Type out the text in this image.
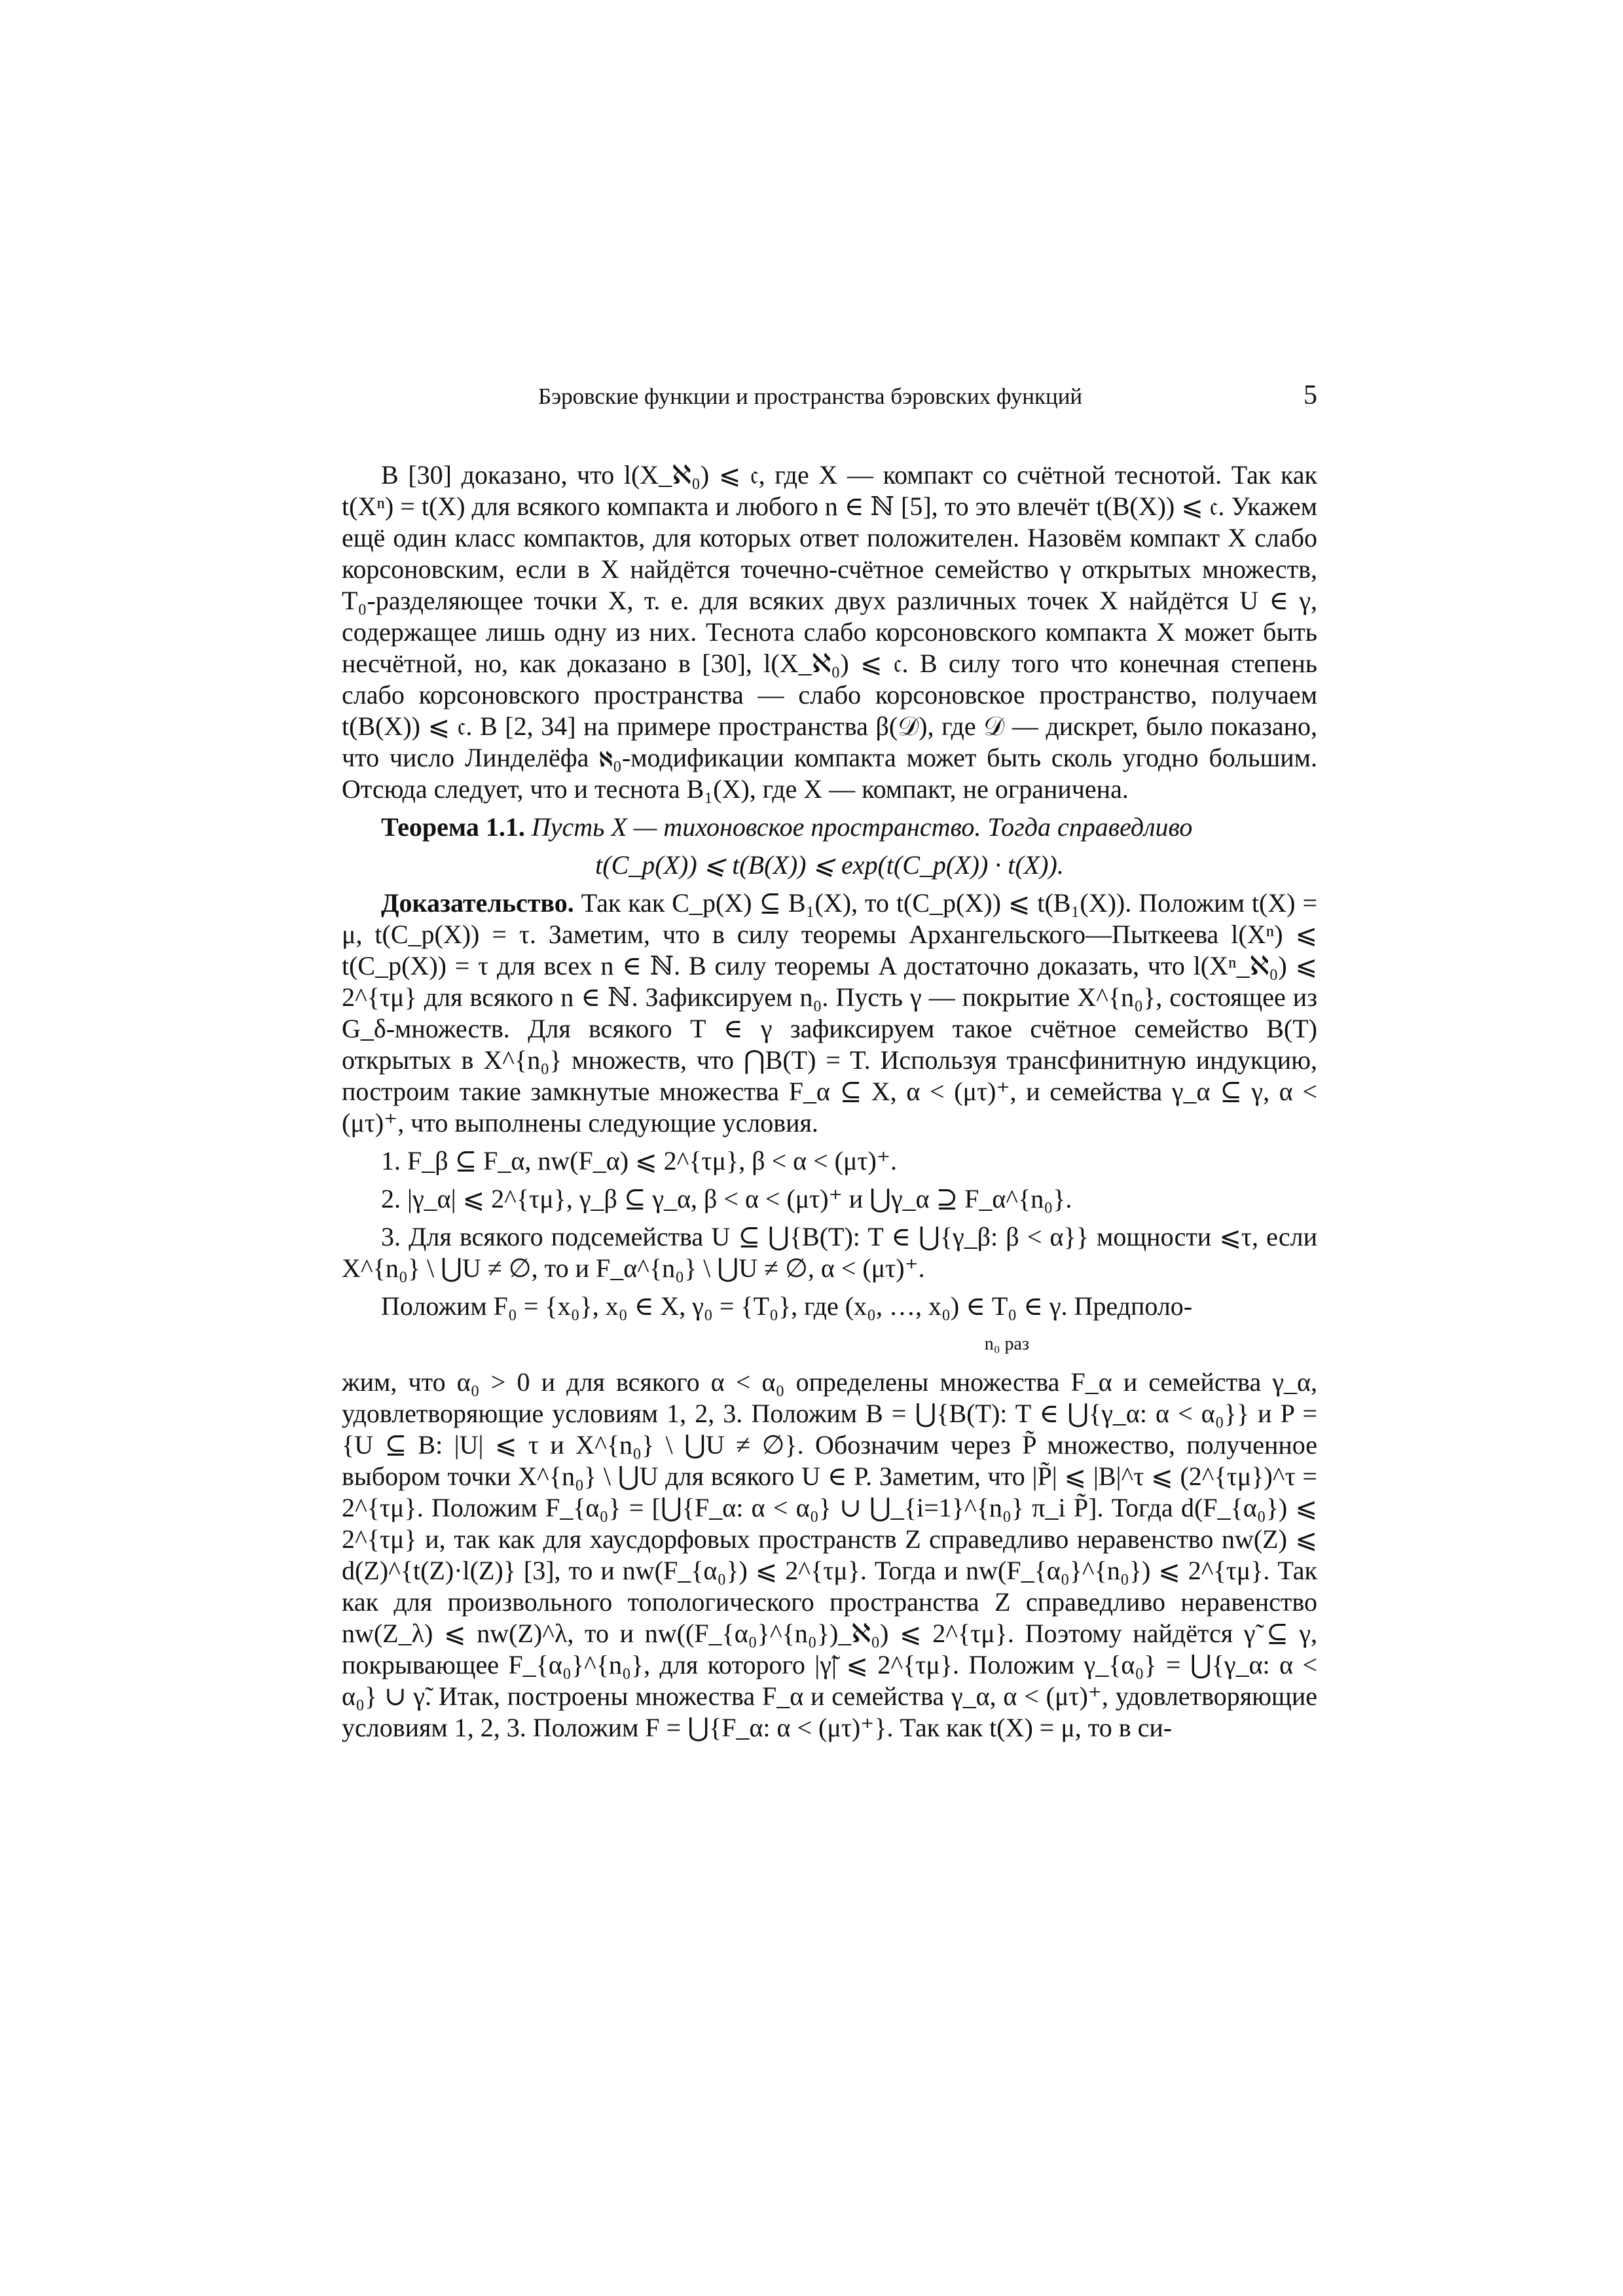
Бэровские функции и пространства бэровских функций	5

В [30] доказано, что l(X_ℵ₀) ⩽ 𝔠, где X — компакт со счётной теснотой. Так как t(Xⁿ) = t(X) для всякого компакта и любого n ∈ ℕ [5], то это влечёт t(B(X)) ⩽ 𝔠. Укажем ещё один класс компактов, для которых ответ положителен. Назовём компакт X слабо корсоновским, если в X найдётся точечно-счётное семейство γ открытых множеств, T₀-разделяющее точки X, т. е. для всяких двух различных точек X найдётся U ∈ γ, содержащее лишь одну из них. Теснота слабо корсоновского компакта X может быть несчётной, но, как доказано в [30], l(X_ℵ₀) ⩽ 𝔠. В силу того что конечная степень слабо корсоновского пространства — слабо корсоновское пространство, получаем t(B(X)) ⩽ 𝔠. В [2, 34] на примере пространства β(𝒟), где 𝒟 — дискрет, было показано, что число Линделёфа ℵ₀-модификации компакта может быть сколь угодно большим. Отсюда следует, что и теснота B₁(X), где X — компакт, не ограничена.

Теорема 1.1. Пусть X — тихоновское пространство. Тогда справедливо

t(C_p(X)) ⩽ t(B(X)) ⩽ exp(t(C_p(X)) · t(X)).

Доказательство. Так как C_p(X) ⊆ B₁(X), то t(C_p(X)) ⩽ t(B₁(X)). Положим t(X) = μ, t(C_p(X)) = τ. Заметим, что в силу теоремы Архангельского—Пыткеева l(Xⁿ) ⩽ t(C_p(X)) = τ для всех n ∈ ℕ. В силу теоремы A достаточно доказать, что l(Xⁿ_ℵ₀) ⩽ 2^{τμ} для всякого n ∈ ℕ. Зафиксируем n₀. Пусть γ — покрытие X^{n₀}, состоящее из G_δ-множеств. Для всякого T ∈ γ зафиксируем такое счётное семейство B(T) открытых в X^{n₀} множеств, что ⋂B(T) = T. Используя трансфинитную индукцию, построим такие замкнутые множества F_α ⊆ X, α < (μτ)⁺, и семейства γ_α ⊆ γ, α < (μτ)⁺, что выполнены следующие условия.

1. F_β ⊆ F_α, nw(F_α) ⩽ 2^{τμ}, β < α < (μτ)⁺.

2. |γ_α| ⩽ 2^{τμ}, γ_β ⊆ γ_α, β < α < (μτ)⁺ и ⋃γ_α ⊇ F_α^{n₀}.

3. Для всякого подсемейства U ⊆ ⋃{B(T): T ∈ ⋃{γ_β: β < α}} мощности ⩽τ, если X^{n₀} \ ⋃U ≠ ∅, то и F_α^{n₀} \ ⋃U ≠ ∅, α < (μτ)⁺.

Положим F₀ = {x₀}, x₀ ∈ X, γ₀ = {T₀}, где (x₀, …, x₀) ∈ T₀ ∈ γ. Предполо-

n₀ раз

жим, что α₀ > 0 и для всякого α < α₀ определены множества F_α и семейства γ_α, удовлетворяющие условиям 1, 2, 3. Положим B = ⋃{B(T): T ∈ ⋃{γ_α: α < α₀}} и P = {U ⊆ B: |U| ⩽ τ и X^{n₀} \ ⋃U ≠ ∅}. Обозначим через P̃ множество, полученное выбором точки X^{n₀} \ ⋃U для всякого U ∈ P. Заметим, что |P̃| ⩽ |B|^τ ⩽ (2^{τμ})^τ = 2^{τμ}. Положим F_{α₀} = [⋃{F_α: α < α₀} ∪ ⋃_{i=1}^{n₀} π_i P̃]. Тогда d(F_{α₀}) ⩽ 2^{τμ} и, так как для хаусдорфовых пространств Z справедливо неравенство nw(Z) ⩽ d(Z)^{t(Z)·l(Z)} [3], то и nw(F_{α₀}) ⩽ 2^{τμ}. Тогда и nw(F_{α₀}^{n₀}) ⩽ 2^{τμ}. Так как для произвольного топологического пространства Z справедливо неравенство nw(Z_λ) ⩽ nw(Z)^λ, то и nw((F_{α₀}^{n₀})_ℵ₀) ⩽ 2^{τμ}. Поэтому найдётся γ̃ ⊆ γ, покрывающее F_{α₀}^{n₀}, для которого |γ̃| ⩽ 2^{τμ}. Положим γ_{α₀} = ⋃{γ_α: α < α₀} ∪ γ̃. Итак, построены множества F_α и семейства γ_α, α < (μτ)⁺, удовлетворяющие условиям 1, 2, 3. Положим F = ⋃{F_α: α < (μτ)⁺}. Так как t(X) = μ, то в си-
